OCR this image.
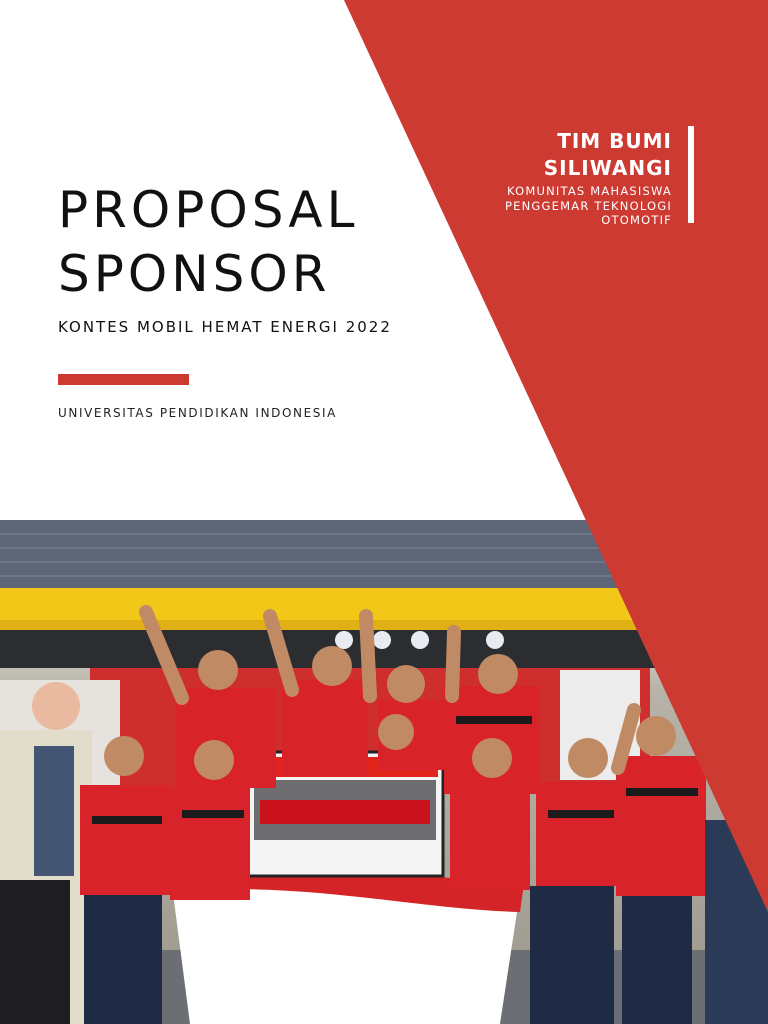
PROPOSAL
SPONSOR

KONTES MOBIL HEMAT ENERGI 2022

UNIVERSITAS PENDIDIKAN INDONESIA

TIM BUMI
SILIWANGI

KOMUNITAS MAHASISWA
PENGGEMAR TEKNOLOGI
OTOMOTIF
